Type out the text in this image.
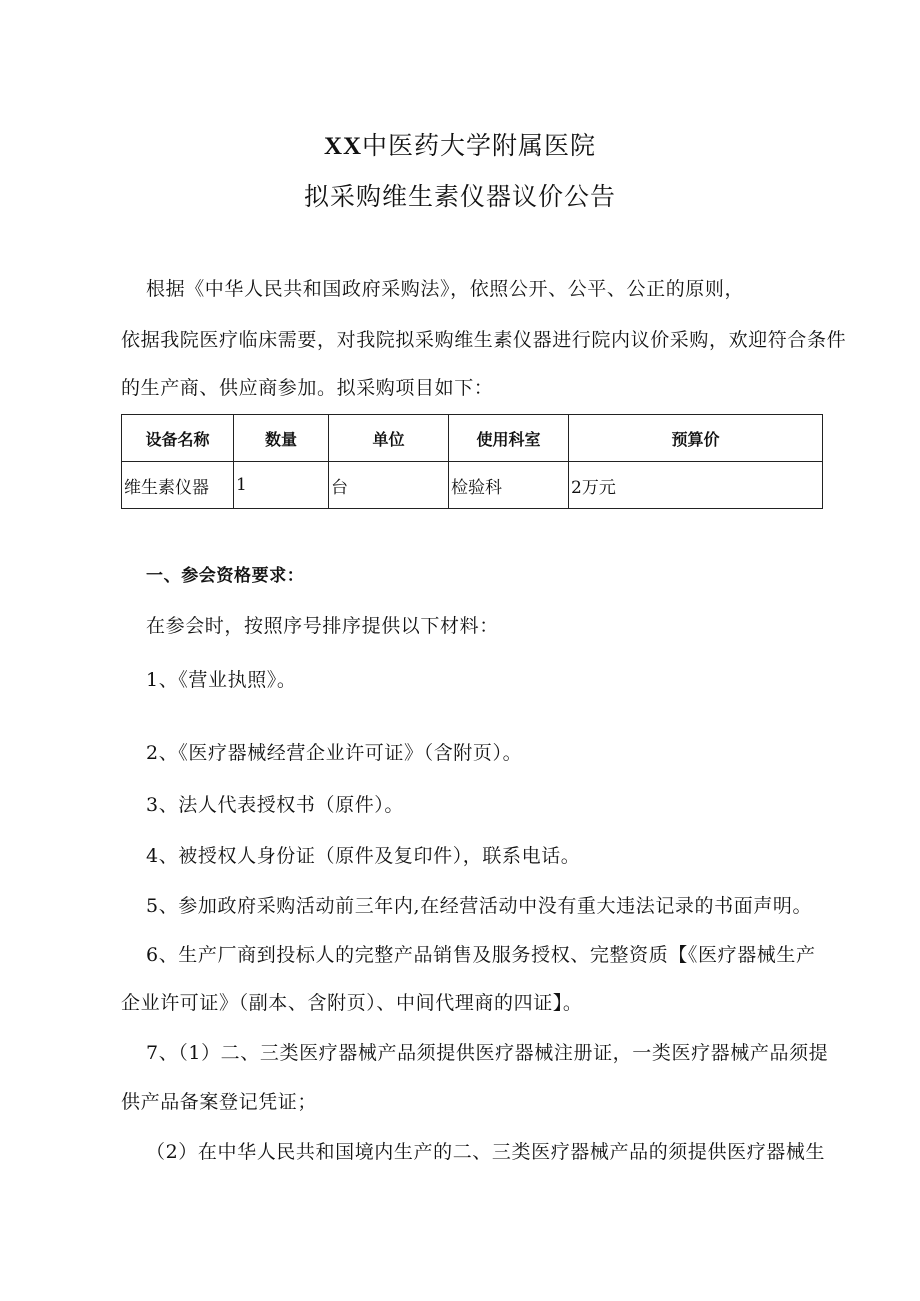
XX中医药大学附属医院
拟采购维生素仪器议价公告
根据《中华人民共和国政府采购法》，依照公开、公平、公正的原则，
依据我院医疗临床需要，对我院拟采购维生素仪器进行院内议价采购，欢迎符合条件
的生产商、供应商参加。拟采购项目如下：
设备名称	数量	单位	使用科室	预算价
维生素仪器	1	台	检验科	2万元
一、参会资格要求：
在参会时，按照序号排序提供以下材料：
1、《营业执照》。
2、《医疗器械经营企业许可证》（含附页）。
3、法人代表授权书（原件）。
4、被授权人身份证（原件及复印件），联系电话。
5、参加政府采购活动前三年内,在经营活动中没有重大违法记录的书面声明。
6、生产厂商到投标人的完整产品销售及服务授权、完整资质【《医疗器械生产
企业许可证》（副本、含附页）、中间代理商的四证】。
7、（1）二、三类医疗器械产品须提供医疗器械注册证，一类医疗器械产品须提
供产品备案登记凭证；
（2）在中华人民共和国境内生产的二、三类医疗器械产品的须提供医疗器械生
